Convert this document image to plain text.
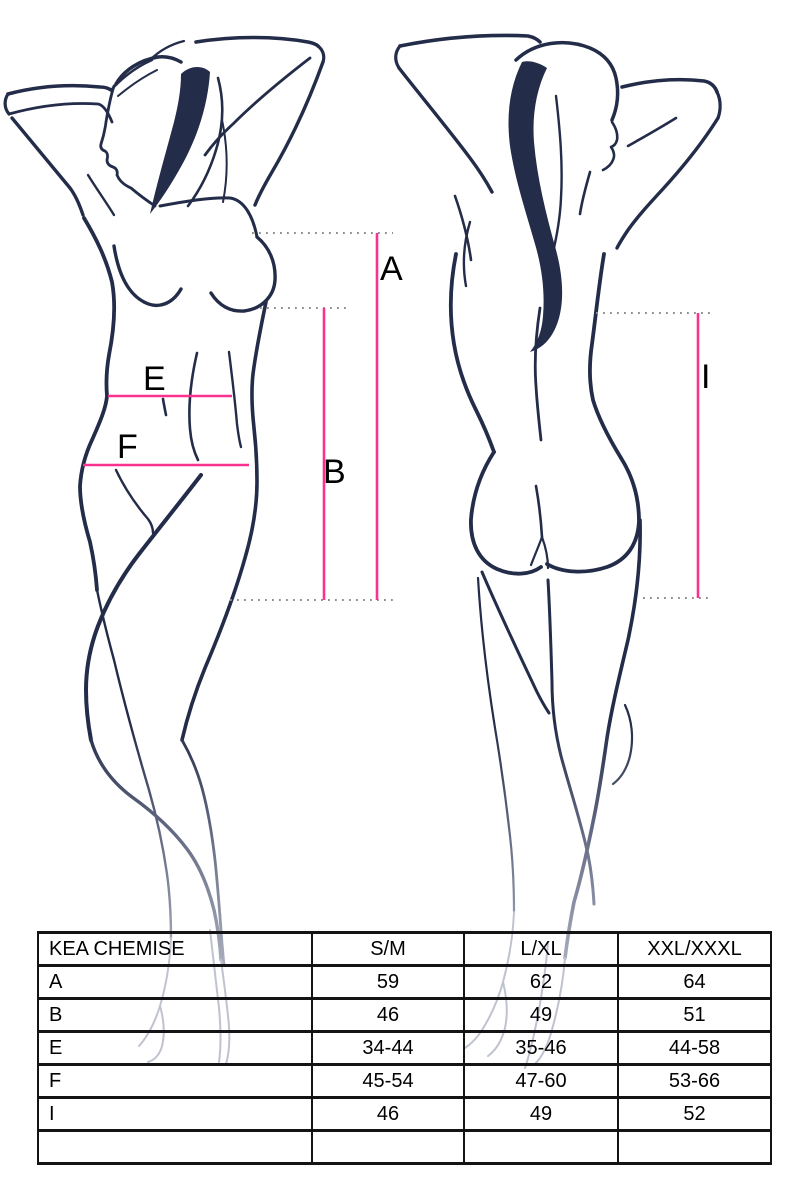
A
B
E
F
I
KEA CHEMISE	S/M	L/XL	XXL/XXXL
A	59	62	64
B	46	49	51
E	34-44	35-46	44-58
F	45-54	47-60	53-66
I	46	49	52
